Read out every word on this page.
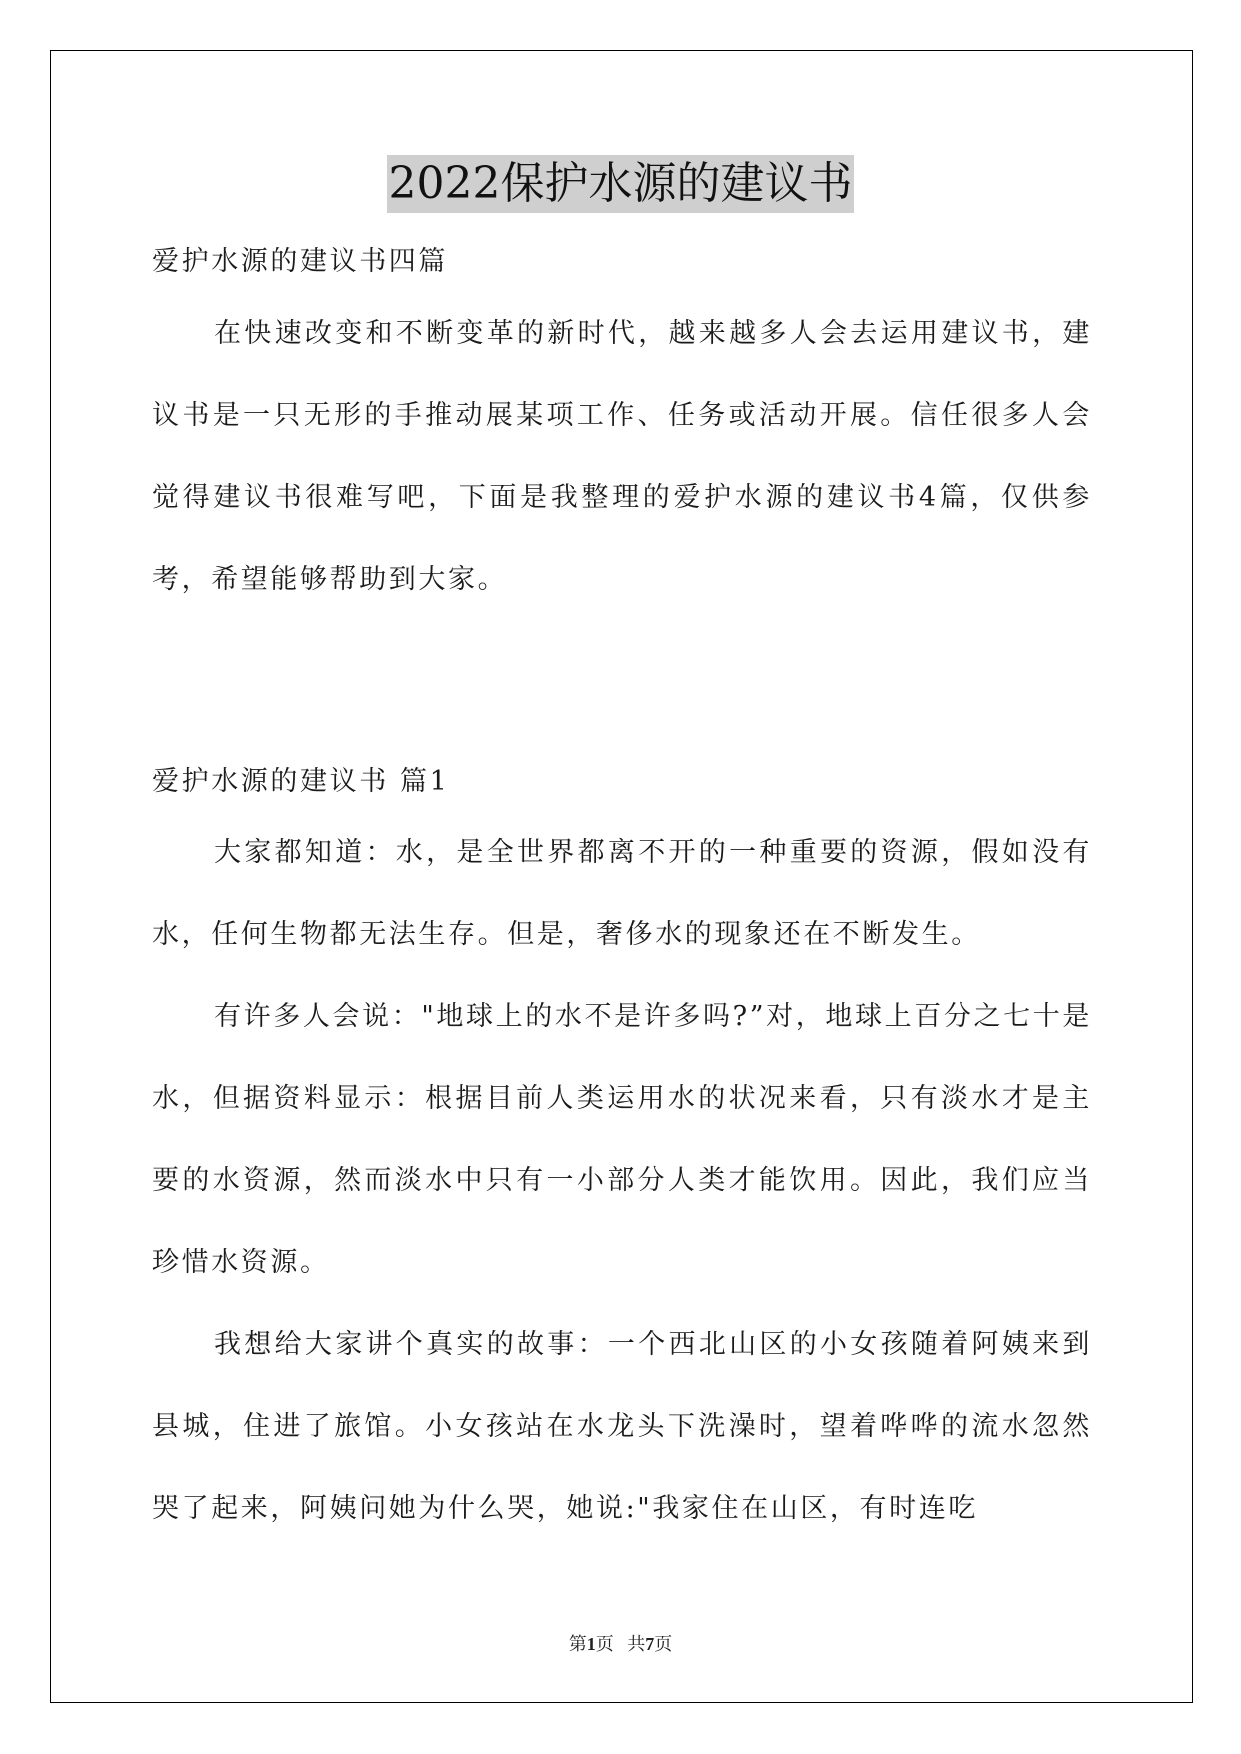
2022保护水源的建议书

爱护水源的建议书四篇

在快速改变和不断变革的新时代，越来越多人会去运用建议书，建议书是一只无形的手推动展某项工作、任务或活动开展。信任很多人会觉得建议书很难写吧，下面是我整理的爱护水源的建议书4篇，仅供参考，希望能够帮助到大家。

爱护水源的建议书 篇1

大家都知道：水，是全世界都离不开的一种重要的资源，假如没有水，任何生物都无法生存。但是，奢侈水的现象还在不断发生。

有许多人会说："地球上的水不是许多吗?”对，地球上百分之七十是水，但据资料显示：根据目前人类运用水的状况来看，只有淡水才是主要的水资源，然而淡水中只有一小部分人类才能饮用。因此，我们应当珍惜水资源。

我想给大家讲个真实的故事：一个西北山区的小女孩随着阿姨来到县城，住进了旅馆。小女孩站在水龙头下洗澡时，望着哗哗的流水忽然哭了起来，阿姨问她为什么哭，她说:"我家住在山区，有时连吃

第1页 共7页
